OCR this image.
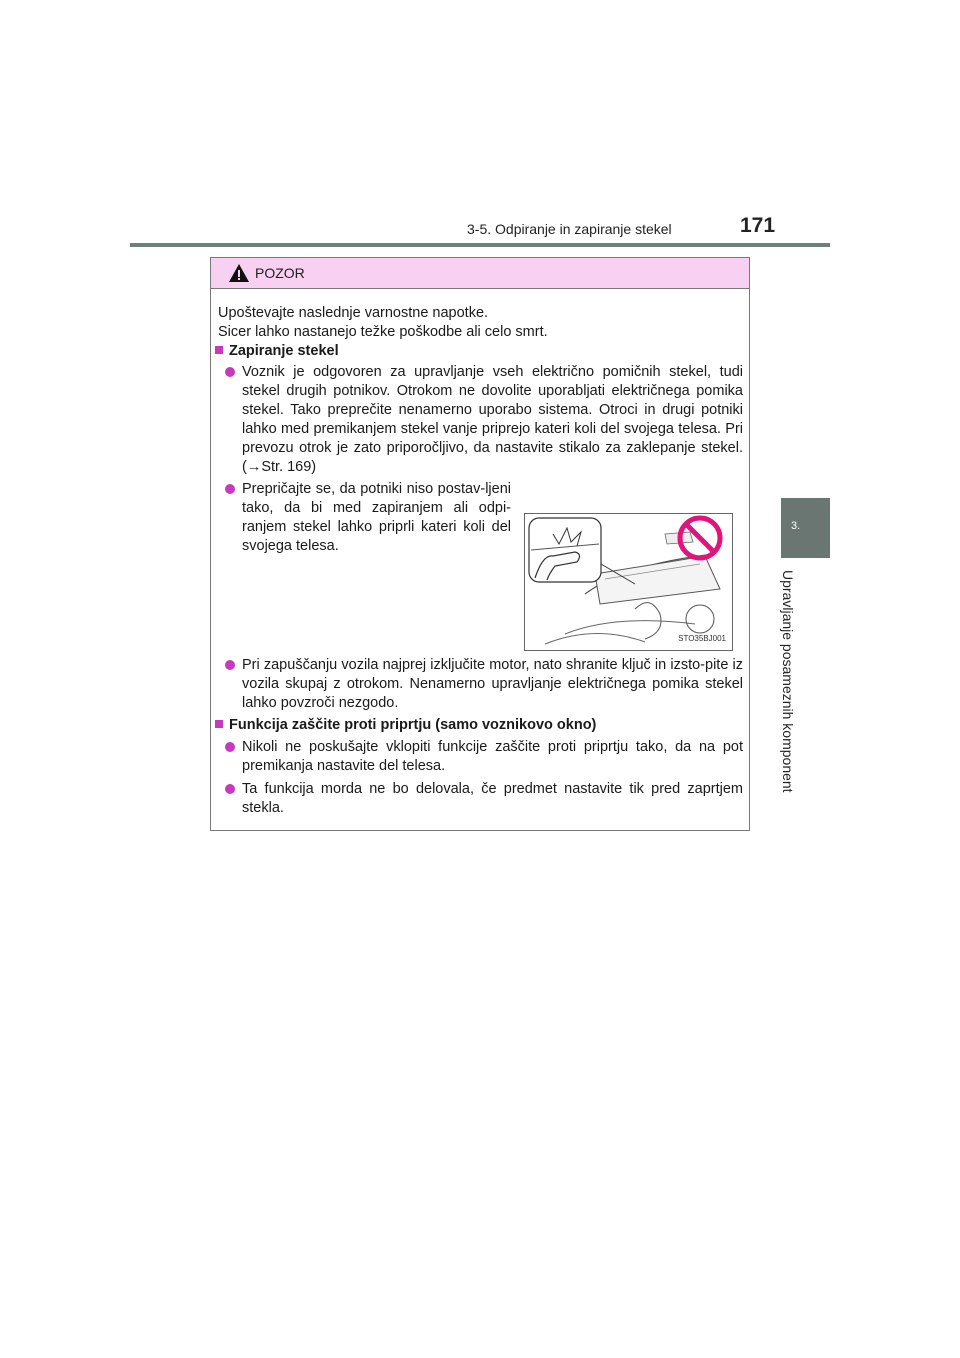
3-5. Odpiranje in zapiranje stekel	171
3.
Upravljanje posameznih komponent
POZOR
Upoštevajte naslednje varnostne napotke.
Sicer lahko nastanejo težke poškodbe ali celo smrt.
Zapiranje stekel
Voznik je odgovoren za upravljanje vseh električno pomičnih stekel, tudi stekel drugih potnikov. Otrokom ne dovolite uporabljati električnega pomika stekel. Tako preprečite nenamerno uporabo sistema. Otroci in drugi potniki lahko med premikanjem stekel vanje priprejo kateri koli del svojega telesa. Pri prevozu otrok je zato priporočljivo, da nastavite stikalo za zaklepanje stekel. (→Str. 169)
Prepričajte se, da potniki niso postav-ljeni tako, da bi med zapiranjem ali odpi-ranjem stekel lahko priprli kateri koli del svojega telesa.
STO35BJ001
Pri zapuščanju vozila najprej izključite motor, nato shranite ključ in izsto-pite iz vozila skupaj z otrokom. Nenamerno upravljanje električnega pomika stekel lahko povzroči nezgodo.
Funkcija zaščite proti priprtju (samo voznikovo okno)
Nikoli ne poskušajte vklopiti funkcije zaščite proti priprtju tako, da na pot premikanja nastavite del telesa.
Ta funkcija morda ne bo delovala, če predmet nastavite tik pred zaprtjem stekla.
